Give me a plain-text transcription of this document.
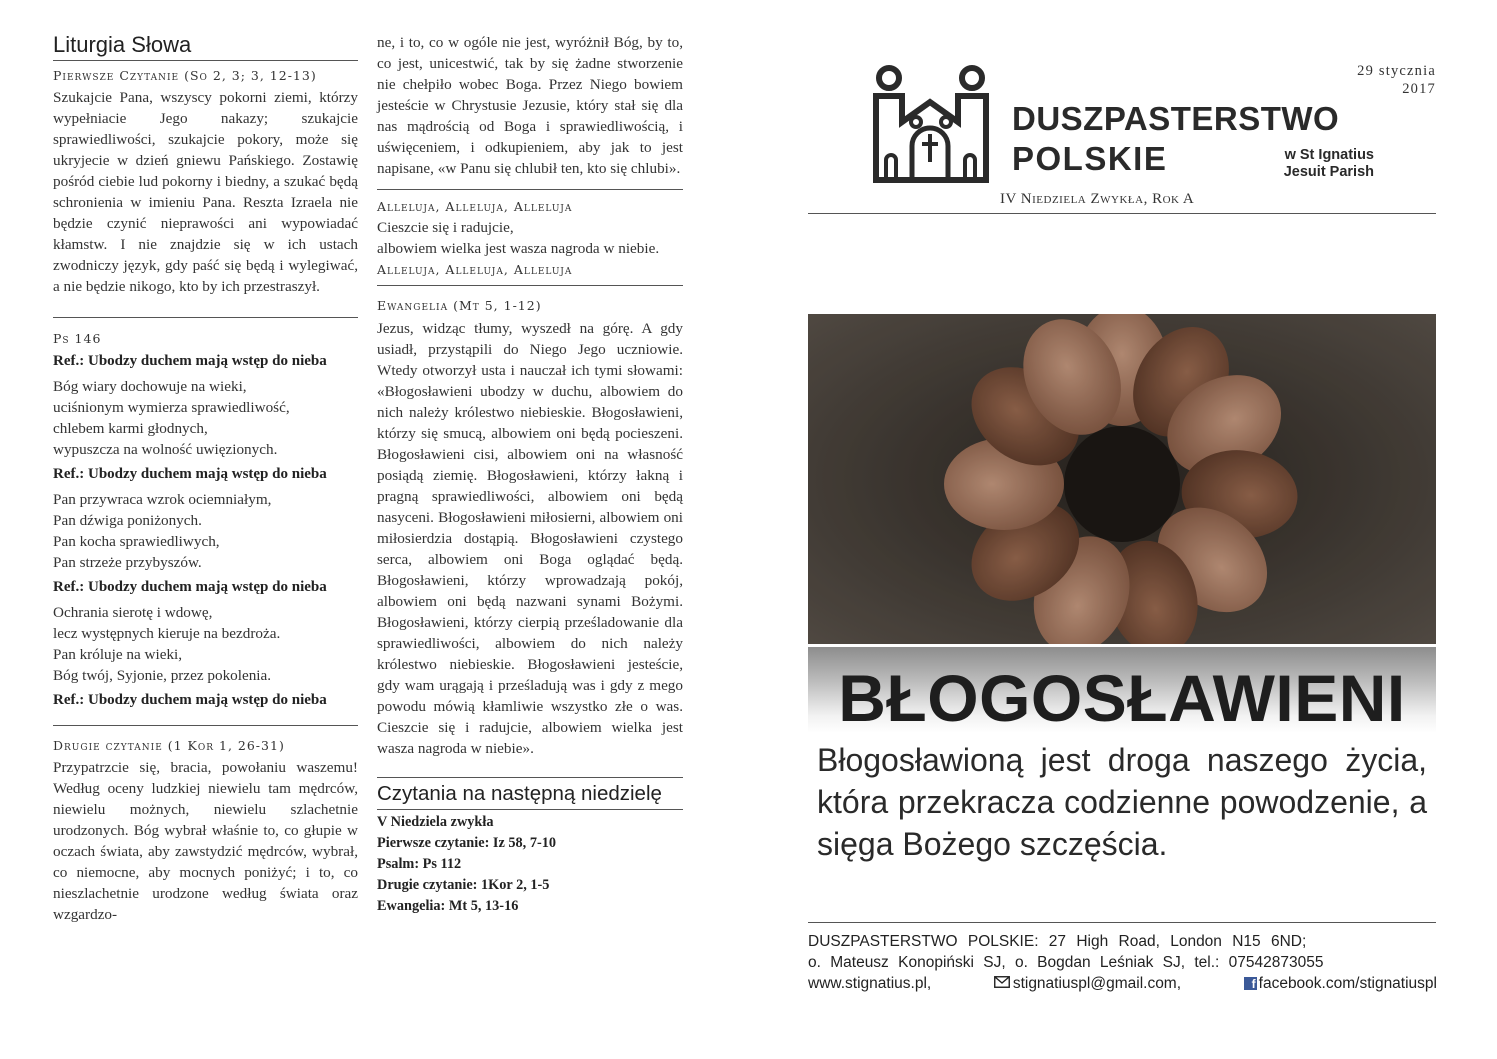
Liturgia Słowa
Pierwsze Czytanie (So 2, 3; 3, 12-13)
Szukajcie Pana, wszyscy pokorni ziemi, którzy wypełniacie Jego nakazy; szukajcie sprawiedliwości, szukajcie pokory, może się ukryjecie w dzień gniewu Pańskiego. Zostawię pośród ciebie lud pokorny i biedny, a szukać będą schronienia w imieniu Pana. Reszta Izraela nie będzie czynić nieprawości ani wypowiadać kłamstw. I nie znajdzie się w ich ustach zwodniczy język, gdy paść się będą i wylegiwać, a nie będzie nikogo, kto by ich przestraszył.
Ps 146
Ref.: Ubodzy duchem mają wstęp do nieba
Bóg wiary dochowuje na wieki,
uciśnionym wymierza sprawiedliwość,
chlebem karmi głodnych,
wypuszcza na wolność uwięzionych.
Ref.: Ubodzy duchem mają wstęp do nieba
Pan przywraca wzrok ociemniałym,
Pan dźwiga poniżonych.
Pan kocha sprawiedliwych,
Pan strzeże przybyszów.
Ref.: Ubodzy duchem mają wstęp do nieba
Ochrania sierotę i wdowę,
lecz występnych kieruje na bezdroża.
Pan króluje na wieki,
Bóg twój, Syjonie, przez pokolenia.
Ref.: Ubodzy duchem mają wstęp do nieba
Drugie czytanie (1 Kor 1, 26-31)
Przypatrzcie się, bracia, powołaniu waszemu! Według oceny ludzkiej niewielu tam mędrców, niewielu możnych, niewielu szlachetnie urodzonych. Bóg wybrał właśnie to, co głupie w oczach świata, aby zawstydzić mędrców, wybrał, co niemocne, aby mocnych poniżyć; i to, co nieszlachetnie urodzone według świata oraz wzgardzo-
ne, i to, co w ogóle nie jest, wyróżnił Bóg, by to, co jest, unicestwić, tak by się żadne stworzenie nie chełpiło wobec Boga. Przez Niego bowiem jesteście w Chrystusie Jezusie, który stał się dla nas mądrością od Boga i sprawiedliwością, i uświęceniem, i odkupieniem, aby jak to jest napisane, «w Panu się chlubił ten, kto się chlubi».
Alleluja, Alleluja, Alleluja
Cieszcie się i radujcie,
albowiem wielka jest wasza nagroda w niebie.
Alleluja, Alleluja, Alleluja
Ewangelia (Mt 5, 1-12)
Jezus, widząc tłumy, wyszedł na górę. A gdy usiadł, przystąpili do Niego Jego uczniowie. Wtedy otworzył usta i nauczał ich tymi słowami: «Błogosławieni ubodzy w duchu, albowiem do nich należy królestwo niebieskie. Błogosławieni, którzy się smucą, albowiem oni będą pocieszeni. Błogosławieni cisi, albowiem oni na własność posiądą ziemię. Błogosławieni, którzy łakną i pragną sprawiedliwości, albowiem oni będą nasyceni. Błogosławieni miłosierni, albowiem oni miłosierdzia dostąpią. Błogosławieni czystego serca, albowiem oni Boga oglądać będą. Błogosławieni, którzy wprowadzają pokój, albowiem oni będą nazwani synami Bożymi. Błogosławieni, którzy cierpią prześladowanie dla sprawiedliwości, albowiem do nich należy królestwo niebieskie. Błogosławieni jesteście, gdy wam urągają i prześladują was i gdy z mego powodu mówią kłamliwie wszystko złe o was. Cieszcie się i radujcie, albowiem wielka jest wasza nagroda w niebie».
Czytania na następną niedzielę
V Niedziela zwykła
Pierwsze czytanie: Iz 58, 7-10
Psalm: Ps 112
Drugie czytanie: 1Kor 2, 1-5
Ewangelia: Mt 5, 13-16
29 stycznia
2017
DUSZPASTERSTWO
POLSKIE	w St Ignatius
Jesuit Parish
IV Niedziela Zwykła, Rok A
BŁOGOSŁAWIENI
Błogosławioną jest droga naszego życia, która przekracza codzienne powodzenie, a sięga Bożego szczęścia.
DUSZPASTERSTWO POLSKIE: 27 High Road, London N15 6ND;
o. Mateusz Konopiński SJ, o. Bogdan Leśniak SJ, tel.: 07542873055
www.stignatius.pl,	stignatiuspl@gmail.com,	f facebook.com/stignatiuspl
